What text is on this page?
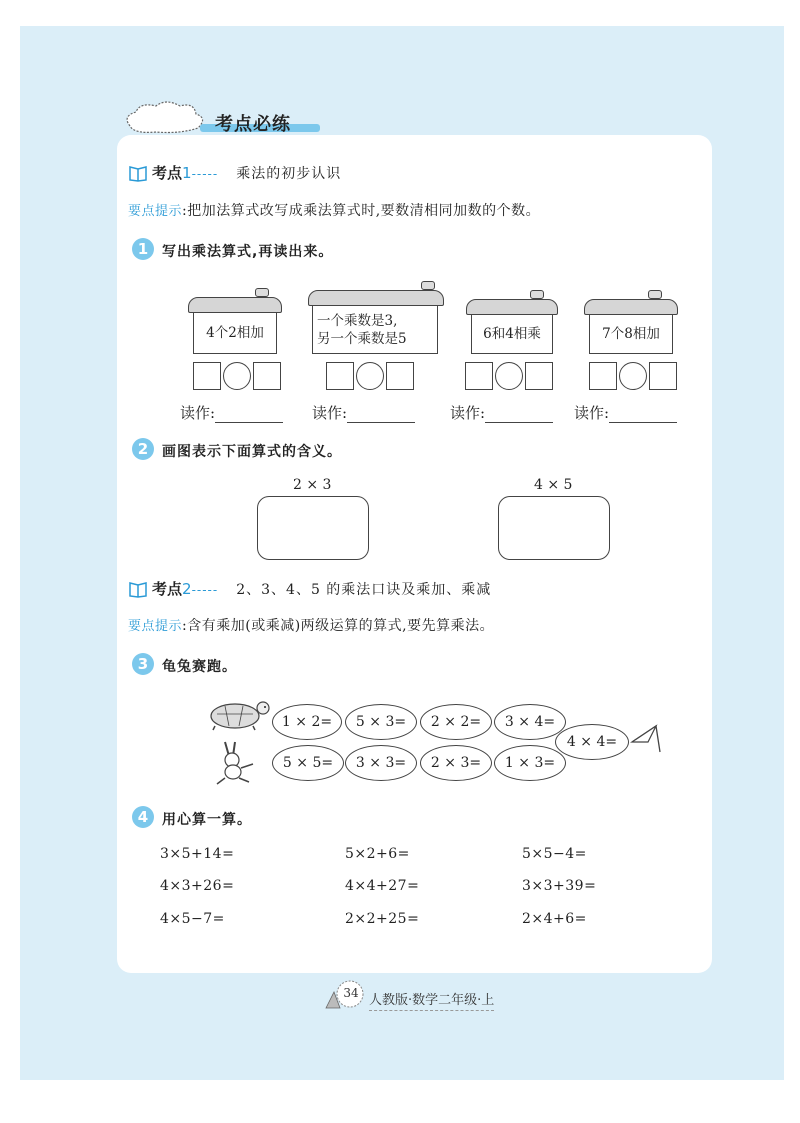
考点必练
考点1----- 乘法的初步认识
要点提示:把加法算式改写成乘法算式时,要数清相同加数的个数。
1 写出乘法算式,再读出来。
4个2相加
一个乘数是3,
另一个乘数是5	6和4相乘	7个8相加
读作:	读作:	读作:	读作:
2 画图表示下面算式的含义。
2 × 3	4 × 5
考点2----- 2、3、4、5 的乘法口诀及乘加、乘减
要点提示:含有乘加(或乘减)两级运算的算式,要先算乘法。
3 龟兔赛跑。
1 × 2= 5 × 3= 2 × 2= 3 × 4=
5 × 5= 3 × 3= 2 × 3= 1 × 3=
4 × 4=
4 用心算一算。
3×5+14=	5×2+6=	5×5−4=
4×3+26=	4×4+27=	3×3+39=
4×5−7=	2×2+25=	2×4+6=
34 人教版·数学二年级·上
